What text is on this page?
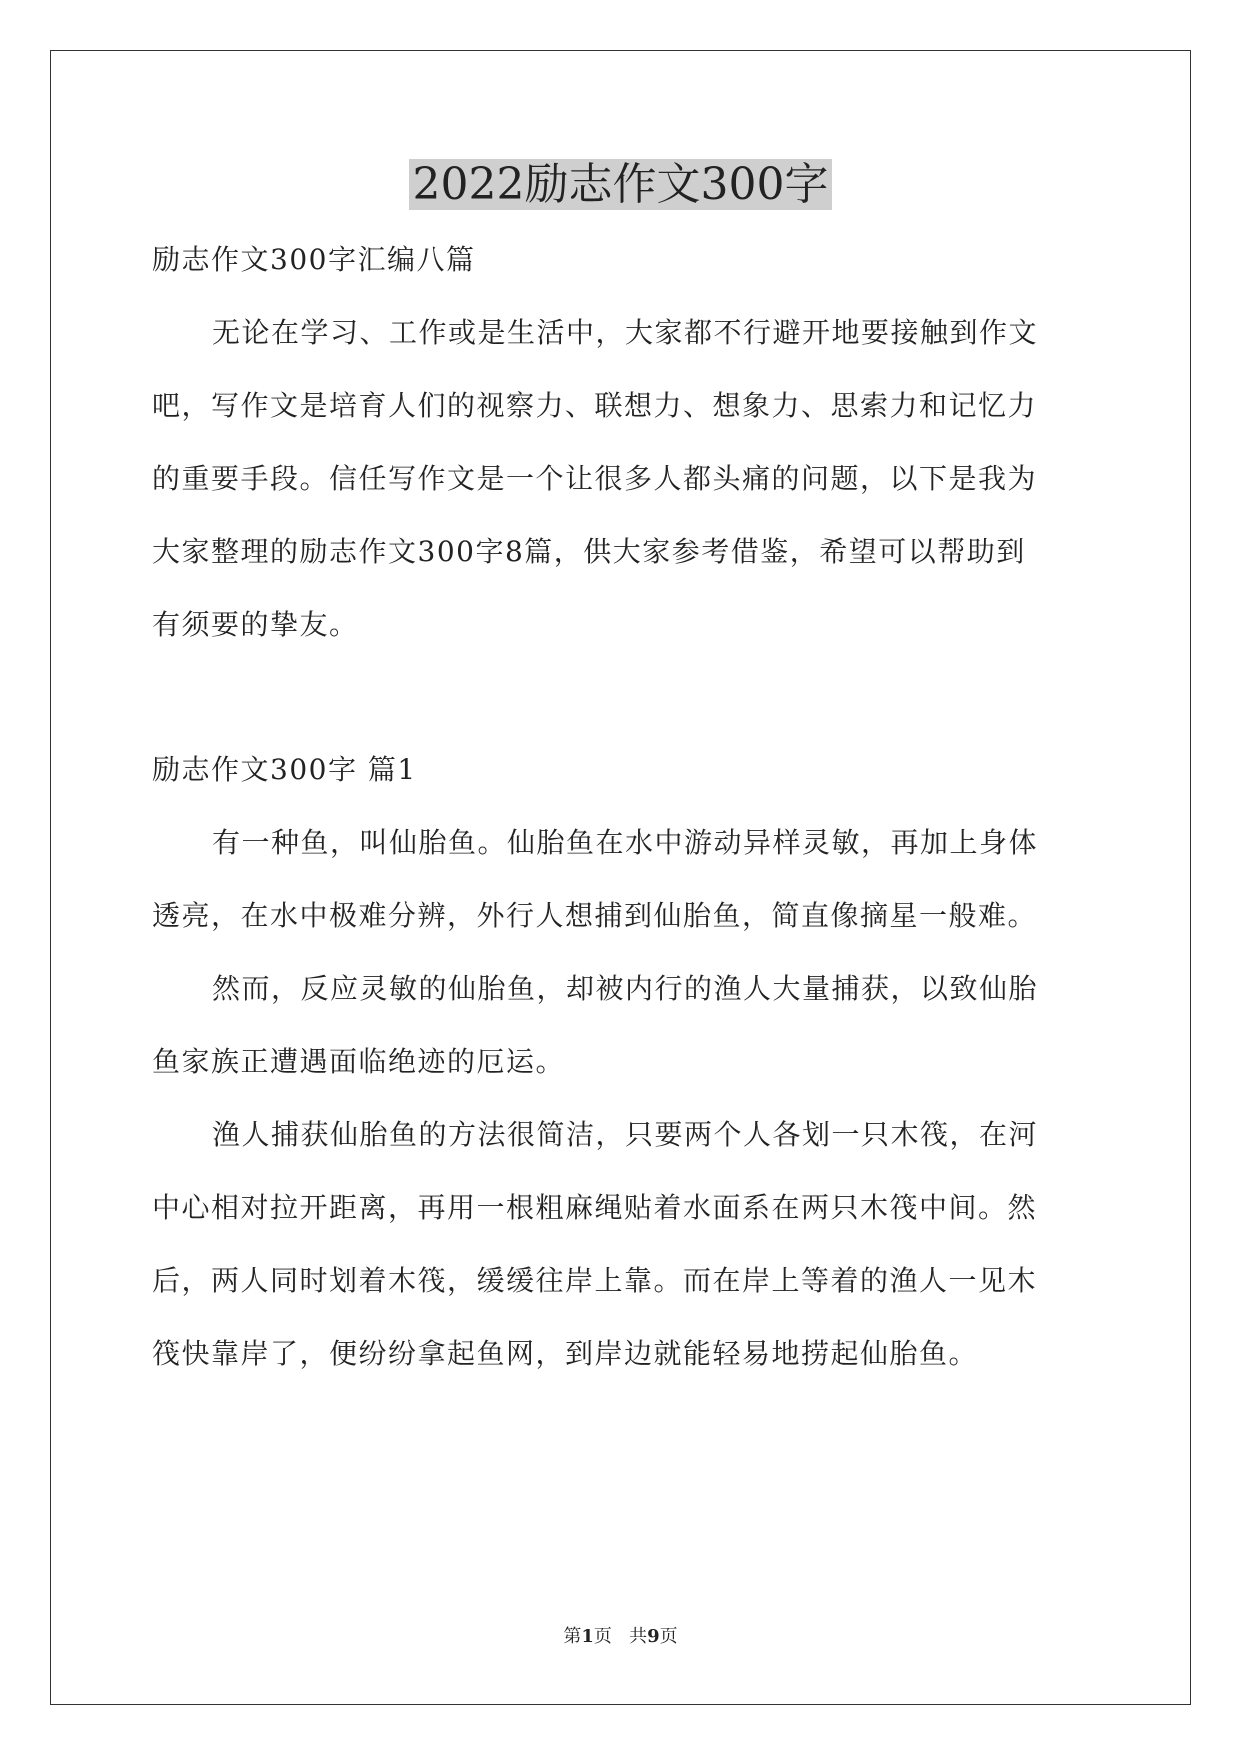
2022励志作文300字
励志作文300字汇编八篇
无论在学习、工作或是生活中，大家都不行避开地要接触到作文
吧，写作文是培育人们的视察力、联想力、想象力、思索力和记忆力
的重要手段。信任写作文是一个让很多人都头痛的问题，以下是我为
大家整理的励志作文300字8篇，供大家参考借鉴，希望可以帮助到
有须要的挚友。
励志作文300字 篇1
有一种鱼，叫仙胎鱼。仙胎鱼在水中游动异样灵敏，再加上身体
透亮，在水中极难分辨，外行人想捕到仙胎鱼，简直像摘星一般难。
然而，反应灵敏的仙胎鱼，却被内行的渔人大量捕获，以致仙胎
鱼家族正遭遇面临绝迹的厄运。
渔人捕获仙胎鱼的方法很简洁，只要两个人各划一只木筏，在河
中心相对拉开距离，再用一根粗麻绳贴着水面系在两只木筏中间。然
后，两人同时划着木筏，缓缓往岸上靠。而在岸上等着的渔人一见木
筏快靠岸了，便纷纷拿起鱼网，到岸边就能轻易地捞起仙胎鱼。
第1页 共9页
